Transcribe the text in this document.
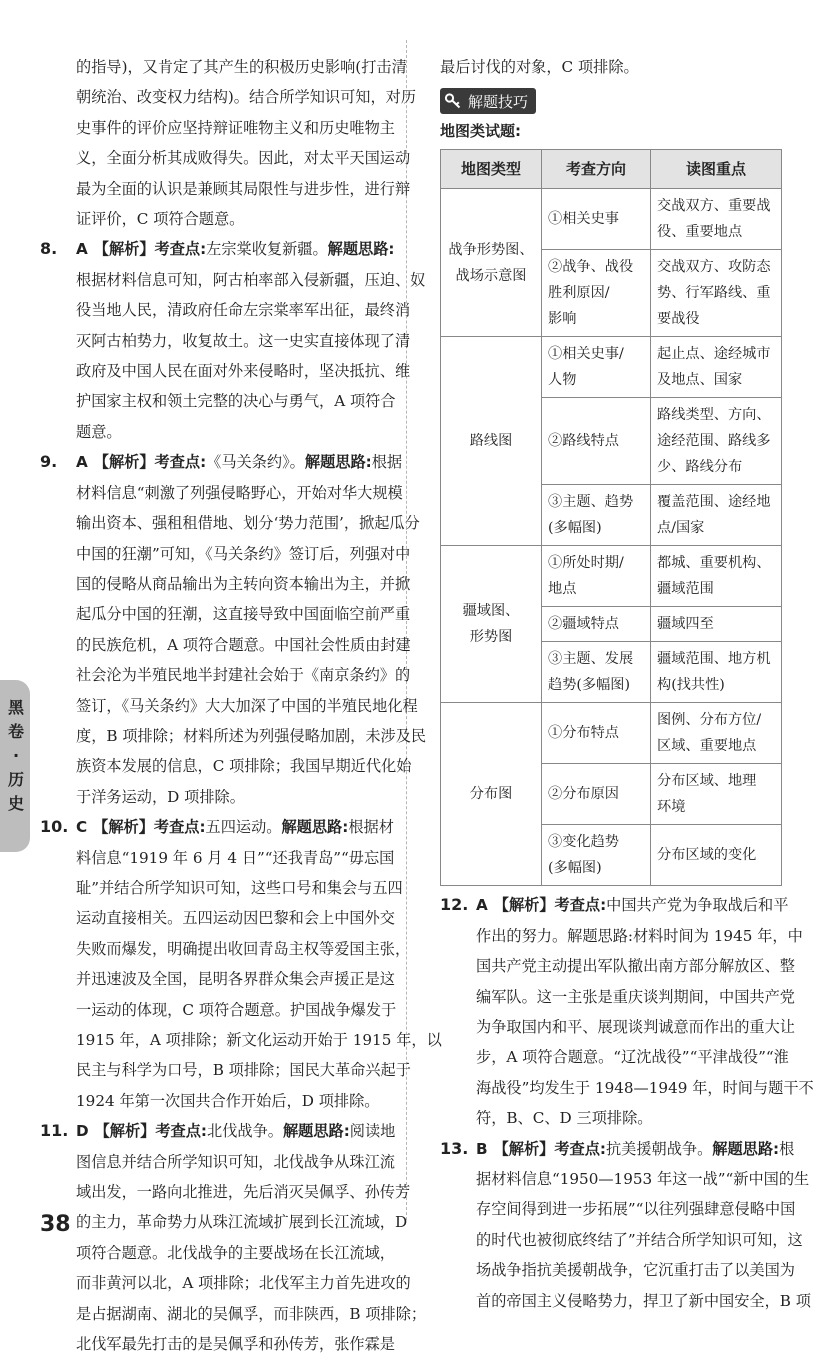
的指导)，又肯定了其产生的积极历史影响(打击清

朝统治、改变权力结构)。结合所学知识可知，对历

史事件的评价应坚持辩证唯物主义和历史唯物主

义，全面分析其成败得失。因此，对太平天国运动

最为全面的认识是兼顾其局限性与进步性，进行辩

证评价，C 项符合题意。

8.	A 【解析】考查点:左宗棠收复新疆。解题思路:

根据材料信息可知，阿古柏率部入侵新疆，压迫、奴

役当地人民，清政府任命左宗棠率军出征，最终消

灭阿古柏势力，收复故土。这一史实直接体现了清

政府及中国人民在面对外来侵略时，坚决抵抗、维

护国家主权和领土完整的决心与勇气，A 项符合

题意。

9.	A 【解析】考查点:《马关条约》。解题思路:根据

材料信息“刺激了列强侵略野心，开始对华大规模

输出资本、强租租借地、划分‘势力范围’，掀起瓜分

中国的狂潮”可知，《马关条约》签订后，列强对中

国的侵略从商品输出为主转向资本输出为主，并掀

起瓜分中国的狂潮，这直接导致中国面临空前严重

的民族危机，A 项符合题意。中国社会性质由封建

社会沦为半殖民地半封建社会始于《南京条约》的

签订，《马关条约》大大加深了中国的半殖民地化程

度，B 项排除；材料所述为列强侵略加剧，未涉及民

族资本发展的信息，C 项排除；我国早期近代化始

于洋务运动，D 项排除。

10. C 【解析】考查点:五四运动。解题思路:根据材

料信息“1919 年 6 月 4 日”“还我青岛”“毋忘国

耻”并结合所学知识可知，这些口号和集会与五四

运动直接相关。五四运动因巴黎和会上中国外交

失败而爆发，明确提出收回青岛主权等爱国主张，

并迅速波及全国，昆明各界群众集会声援正是这

一运动的体现，C 项符合题意。护国战争爆发于

1915 年，A 项排除；新文化运动开始于 1915 年，以

民主与科学为口号，B 项排除；国民大革命兴起于

1924 年第一次国共合作开始后，D 项排除。

11. D 【解析】考查点:北伐战争。解题思路:阅读地

图信息并结合所学知识可知，北伐战争从珠江流

域出发，一路向北推进，先后消灭吴佩孚、孙传芳

的主力，革命势力从珠江流域扩展到长江流域，D

项符合题意。北伐战争的主要战场在长江流域，

而非黄河以北，A 项排除；北伐军主力首先进攻的

是占据湖南、湖北的吴佩孚，而非陕西，B 项排除；

北伐军最先打击的是吴佩孚和孙传芳，张作霖是

最后讨伐的对象，C 项排除。

解题技巧
地图类试题:
地图类型	考查方向	读图重点

战争形势图、
战场示意图	①相关史事	交战双方、重要战
役、重要地点

	②战争、战役
胜利原因/
影响	交战双方、攻防态
势、行军路线、重
要战役

路线图	①相关史事/
人物	起止点、途经城市
及地点、国家

	②路线特点	路线类型、方向、
途经范围、路线多
少、路线分布

	③主题、趋势
(多幅图)	覆盖范围、途经地
点/国家

疆域图、
形势图	①所处时期/
地点	都城、重要机构、
疆域范围

	②疆域特点	疆域四至

	③主题、发展
趋势(多幅图)	疆域范围、地方机
构(找共性)

分布图	①分布特点	图例、分布方位/
区域、重要地点

	②分布原因	分布区域、地理
环境

	③变化趋势
(多幅图)	分布区域的变化

12. A 【解析】考查点:中国共产党为争取战后和平

作出的努力。解题思路:材料时间为 1945 年，中

国共产党主动提出军队撤出南方部分解放区、整

编军队。这一主张是重庆谈判期间，中国共产党

为争取国内和平、展现谈判诚意而作出的重大让

步，A 项符合题意。“辽沈战役”“平津战役”“淮

海战役”均发生于 1948—1949 年，时间与题干不

符，B、C、D 三项排除。

13. B 【解析】考查点:抗美援朝战争。解题思路:根

据材料信息“1950—1953 年这一战”“新中国的生

存空间得到进一步拓展”“以往列强肆意侵略中国

的时代也被彻底终结了”并结合所学知识可知，这

场战争指抗美援朝战争，它沉重打击了以美国为

首的帝国主义侵略势力，捍卫了新中国安全，B 项

黑
卷
·
历
史
38
